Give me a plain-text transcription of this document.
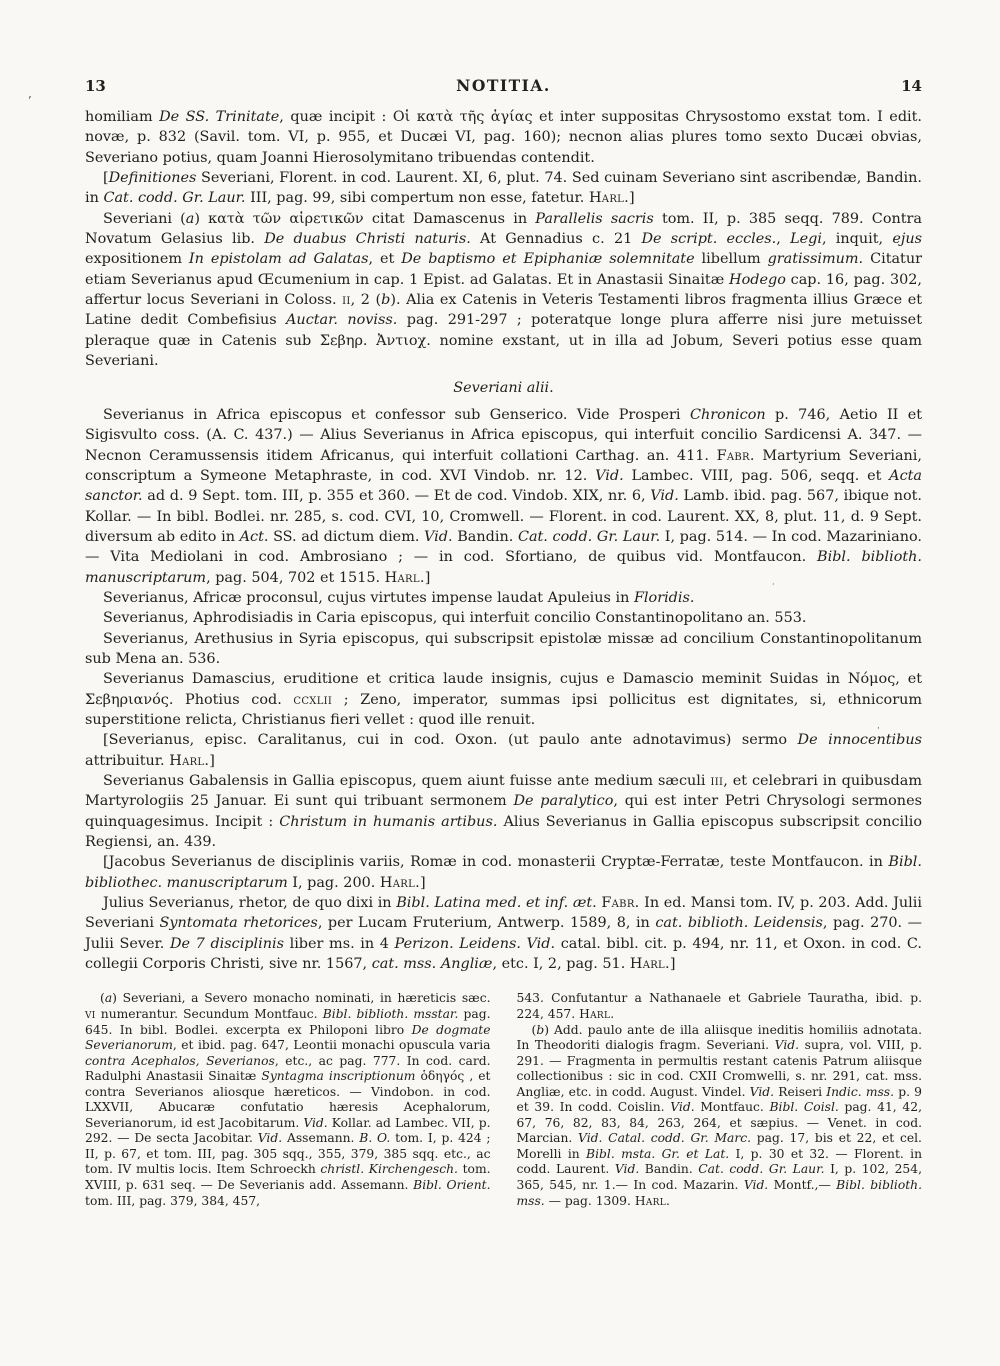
’
·
·
13	NOTITIA.	14

homiliam De SS. Trinitate, quæ incipit : Οἱ κατὰ τῆς ἁγίας et inter suppositas Chrysostomo exstat tom. I edit. novæ, p. 832 (Savil. tom. VI, p. 955, et Ducæi VI, pag. 160); necnon alias plures tomo sexto Ducæi obvias, Severiano potius, quam Joanni Hierosolymitano tribuendas contendit.

[Definitiones Severiani, Florent. in cod. Laurent. XI, 6, plut. 74. Sed cuinam Severiano sint ascribendæ, Bandin. in Cat. codd. Gr. Laur. III, pag. 99, sibi compertum non esse, fatetur. Harl.]

Severiani (a) κατὰ τῶν αἱρετικῶν citat Damascenus in Parallelis sacris tom. II, p. 385 seqq. 789. Contra Novatum Gelasius lib. De duabus Christi naturis. At Gennadius c. 21 De script. eccles., Legi, inquit, ejus expositionem In epistolam ad Galatas, et De baptismo et Epiphaniæ solemnitate libellum gratissimum. Citatur etiam Severianus apud Œcumenium in cap. 1 Epist. ad Galatas. Et in Anastasii Sinaitæ Hodego cap. 16, pag. 302, affertur locus Severiani in Coloss. ii, 2 (b). Alia ex Catenis in Veteris Testamenti libros fragmenta illius Græce et Latine dedit Combefisius Auctar. noviss. pag. 291-297 ; poteratque longe plura afferre nisi jure metuisset pleraque quæ in Catenis sub Σεβηρ. Ἀντιοχ. nomine exstant, ut in illa ad Jobum, Severi potius esse quam Severiani.

Severiani alii.

Severianus in Africa episcopus et confessor sub Genserico. Vide Prosperi Chronicon p. 746, Aetio II et Sigisvulto coss. (A. C. 437.) — Alius Severianus in Africa episcopus, qui interfuit concilio Sardicensi A. 347. — Necnon Ceramussensis itidem Africanus, qui interfuit collationi Carthag. an. 411. Fabr. Martyrium Severiani, conscriptum a Symeone Metaphraste, in cod. XVI Vindob. nr. 12. Vid. Lambec. VIII, pag. 506, seqq. et Acta sanctor. ad d. 9 Sept. tom. III, p. 355 et 360. — Et de cod. Vindob. XIX, nr. 6, Vid. Lamb. ibid. pag. 567, ibique not. Kollar. — In bibl. Bodlei. nr. 285, s. cod. CVI, 10, Cromwell. — Florent. in cod. Laurent. XX, 8, plut. 11, d. 9 Sept. diversum ab edito in Act. SS. ad dictum diem. Vid. Bandin. Cat. codd. Gr. Laur. I, pag. 514. — In cod. Mazariniano. — Vita Mediolani in cod. Ambrosiano ; — in cod. Sfortiano, de quibus vid. Montfaucon. Bibl. biblioth. manuscriptarum, pag. 504, 702 et 1515. Harl.]

Severianus, Africæ proconsul, cujus virtutes impense laudat Apuleius in Floridis.

Severianus, Aphrodisiadis in Caria episcopus, qui interfuit concilio Constantinopolitano an. 553.

Severianus, Arethusius in Syria episcopus, qui subscripsit epistolæ missæ ad concilium Constantinopolitanum sub Mena an. 536.

Severianus Damascius, eruditione et critica laude insignis, cujus e Damascio meminit Suidas in Νόμος, et Σεβηριανός. Photius cod. ccxlii ; Zeno, imperator, summas ipsi pollicitus est dignitates, si, ethnicorum superstitione relicta, Christianus fieri vellet : quod ille renuit.

[Severianus, episc. Caralitanus, cui in cod. Oxon. (ut paulo ante adnotavimus) sermo De innocentibus attribuitur. Harl.]

Severianus Gabalensis in Gallia episcopus, quem aiunt fuisse ante medium sæculi iii, et celebrari in quibusdam Martyrologiis 25 Januar. Ei sunt qui tribuant sermonem De paralytico, qui est inter Petri Chrysologi sermones quinquagesimus. Incipit : Christum in humanis artibus. Alius Severianus in Gallia episcopus subscripsit concilio Regiensi, an. 439.

[Jacobus Severianus de disciplinis variis, Romæ in cod. monasterii Cryptæ-Ferratæ, teste Montfaucon. in Bibl. bibliothec. manuscriptarum I, pag. 200. Harl.]

Julius Severianus, rhetor, de quo dixi in Bibl. Latina med. et inf. æt. Fabr. In ed. Mansi tom. IV, p. 203. Add. Julii Severiani Syntomata rhetorices, per Lucam Fruterium, Antwerp. 1589, 8, in cat. biblioth. Leidensis, pag. 270. — Julii Sever. De 7 disciplinis liber ms. in 4 Perizon. Leidens. Vid. catal. bibl. cit. p. 494, nr. 11, et Oxon. in cod. C. collegii Corporis Christi, sive nr. 1567, cat. mss. Angliæ, etc. I, 2, pag. 51. Harl.]

(a) Severiani, a Severo monacho nominati, in hæreticis sæc. vi numerantur. Secundum Montfauc. Bibl. biblioth. msstar. pag. 645. In bibl. Bodlei. excerpta ex Philoponi libro De dogmate Severianorum, et ibid. pag. 647, Leontii monachi opuscula varia contra Acephalos, Severianos, etc., ac pag. 777. In cod. card. Radulphi Anastasii Sinaitæ Syntagma inscriptionum ὁδηγός , et contra Severianos aliosque hæreticos. — Vindobon. in cod. LXXVII, Abucaræ confutatio hæresis Acephalorum, Severianorum, id est Jacobitarum. Vid. Kollar. ad Lambec. VII, p. 292. — De secta Jacobitar. Vid. Assemann. B. O. tom. I, p. 424 ; II, p. 67, et tom. III, pag. 305 sqq., 355, 379, 385 sqq. etc., ac tom. IV multis locis. Item Schroeckh christl. Kirchengesch. tom. XVIII, p. 631 seq. — De Severianis add. Assemann. Bibl. Orient. tom. III, pag. 379, 384, 457,

543. Confutantur a Nathanaele et Gabriele Tauratha, ibid. p. 224, 457. Harl.

(b) Add. paulo ante de illa aliisque ineditis homiliis adnotata. In Theodoriti dialogis fragm. Severiani. Vid. supra, vol. VIII, p. 291. — Fragmenta in permultis restant catenis Patrum aliisque collectionibus : sic in cod. CXII Cromwelli, s. nr. 291, cat. mss. Angliæ, etc. in codd. August. Vindel. Vid. Reiseri Indic. mss. p. 9 et 39. In codd. Coislin. Vid. Montfauc. Bibl. Coisl. pag. 41, 42, 67, 76, 82, 83, 84, 263, 264, et sæpius. — Venet. in cod. Marcian. Vid. Catal. codd. Gr. Marc. pag. 17, bis et 22, et cel. Morelli in Bibl. msta. Gr. et Lat. I, p. 30 et 32. — Florent. in codd. Laurent. Vid. Bandin. Cat. codd. Gr. Laur. I, p. 102, 254, 365, 545, nr. 1.— In cod. Mazarin. Vid. Montf.,— Bibl. biblioth. mss. — pag. 1309. Harl.
